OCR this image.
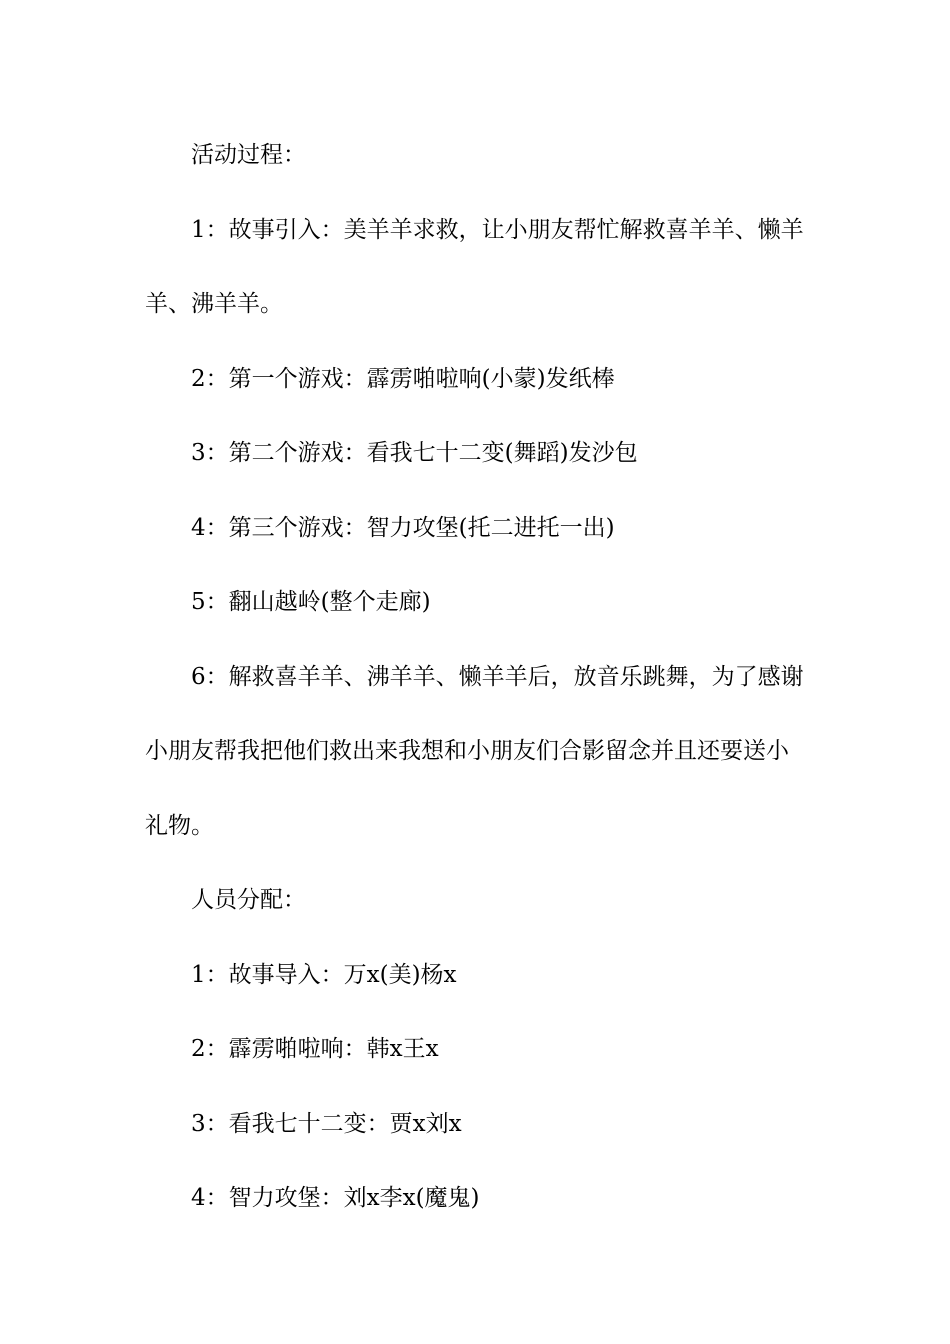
活动过程：

1：故事引入：美羊羊求救，让小朋友帮忙解救喜羊羊、懒羊羊、沸羊羊。

2：第一个游戏：霹雳啪啦响(小蒙)发纸棒

3：第二个游戏：看我七十二变(舞蹈)发沙包

4：第三个游戏：智力攻堡(托二进托一出)

5：翻山越岭(整个走廊)

6：解救喜羊羊、沸羊羊、懒羊羊后，放音乐跳舞，为了感谢小朋友帮我把他们救出来我想和小朋友们合影留念并且还要送小礼物。

人员分配：

1：故事导入：万x(美)杨x

2：霹雳啪啦响：韩x王x

3：看我七十二变：贾x刘x

4：智力攻堡：刘x李x(魔鬼)
